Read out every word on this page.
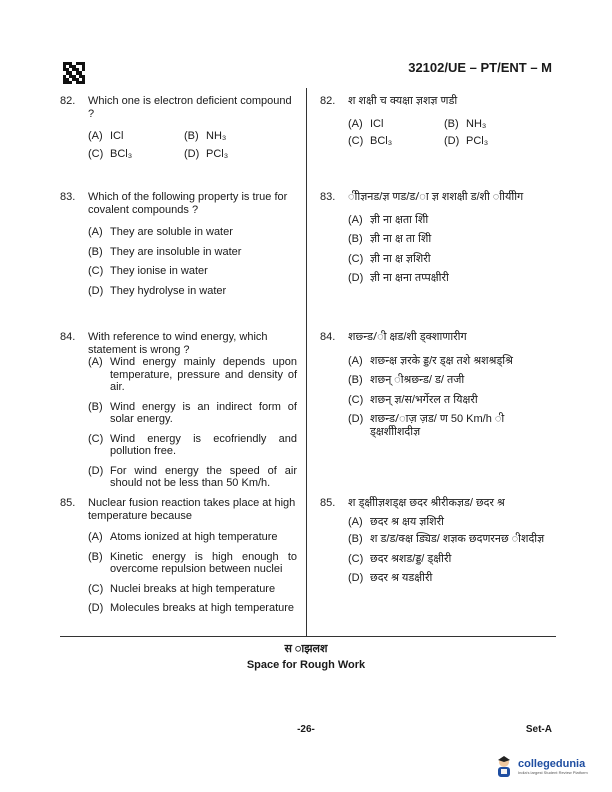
32102/UE – PT/ENT – M
82.	Which one is electron deficient compound ?
(A) ICl	(B) NH₃
(C) BCl₃	(D) PCl₃
83.	Which of the following property is true for covalent compounds ?
(A) They are soluble in water
(B) They are insoluble in water
(C) They ionise in water
(D) They hydrolyse in water
84.	With reference to wind energy, which statement is wrong ?
(A) Wind energy mainly depends upon temperature, pressure and density of air.
(B) Wind energy is an indirect form of solar energy.
(C) Wind energy is ecofriendly and pollution free.
(D) For wind energy the speed of air should not be less than 50 Km/h.
85.	Nuclear fusion reaction takes place at high temperature because
(A) Atoms ionized at high temperature
(B) Kinetic energy is high enough to overcome repulsion between nuclei
(C) Nuclei breaks at high temperature
(D) Molecules breaks at high temperature
82.	श शक्षी च क्यक्षा ज्ञशज्ञ णडी
(A) ICl	(B) NH₃
(C) BCl₃	(D) PCl₃
83.	ीीज्ञनड/ज्ञ णड/ड/ा ज्ञ शशक्षी ड/शी ाीयीीग
(A) ज्ञी ना क्षता शीि
(B) ज्ञी ना क्ष ता शीि
(C) ज्ञी ना क्ष ज्ञशिरी
(D) ज्ञी ना क्षना तप्पक्षीरी
84.	शछ्न्ड/ी क्षड/शी ड्क्शाणारीग
(A) शछन्क्ष ज्ञरके ड्ड/र ड्क्ष तशे श्रशश्रड्श्रि
(B) शछन् ीश्रछन्ड/ ड/ तजी
(C) शछन् ज्ञ/स/भर्गेरल त यिक्षरी
(D) शछन्ड/ाज़ ज़ड/ ण 50 Km/h ी ड्क्षशीीशदीज्ञ
85.	श ड्क्षीीज्ञशड्क्ष छदर श्रीरीकज्ञड/ छदर श्र
(A) छदर श्र क्षय ज्ञशिरी
(B) श ड/ड/क्क्ष ड्यिड/ शज्ञक छदणरनछ ीशदीज्ञ
(C) छदर श्रशड/ड्ड/ ड्क्षीरी
(D) छदर श्र यडक्षीरी
स ाझलश
Space for Rough Work
-26-	Set-A
collegedunia
India's largest Student Review Platform
